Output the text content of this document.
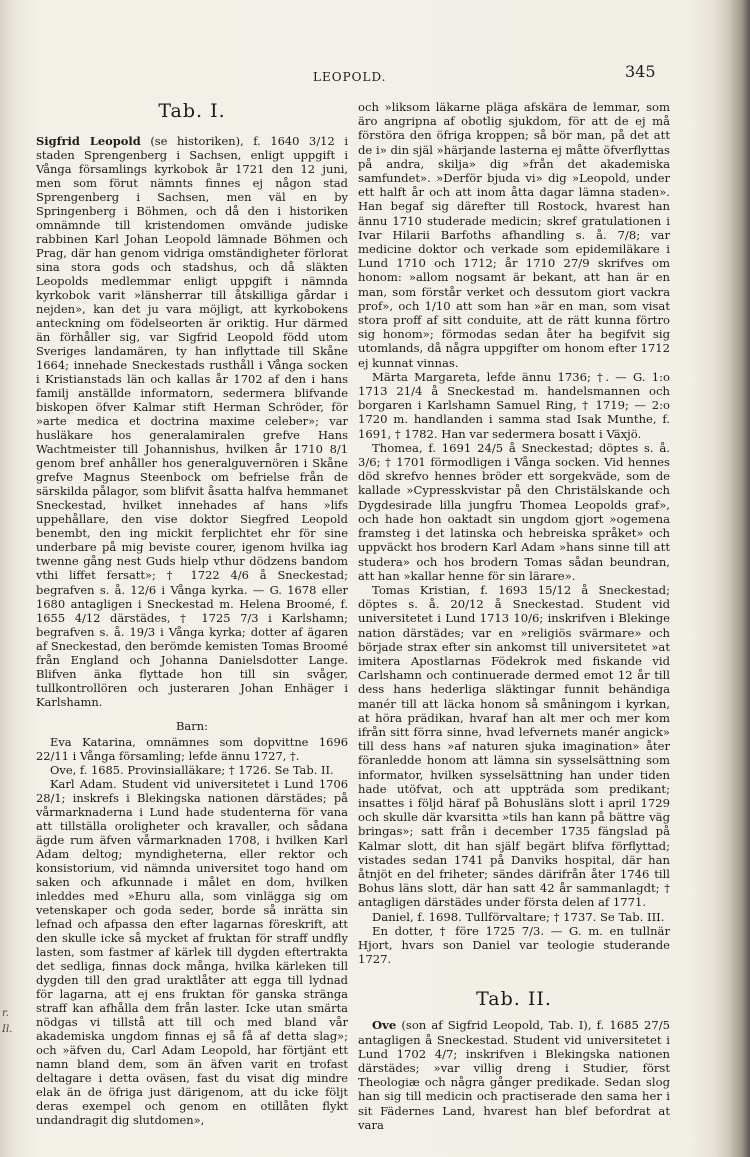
LEOPOLD.	345
r.
Il.
Tab. I.

Sigfrid Leopold (se historiken), f. 1640 3/12 i staden Sprengenberg i Sachsen, enligt uppgift i Vånga församlings kyrkobok år 1721 den 12 juni, men som förut nämnts finnes ej någon stad Sprengenberg i Sachsen, men väl en by Springenberg i Böhmen, och då den i historiken omnämnde till kristendomen omvände judiske rabbinen Karl Johan Leopold lämnade Böhmen och Prag, där han genom vidriga omständigheter förlorat sina stora gods och stadshus, och då släkten Leopolds medlemmar enligt uppgift i nämnda kyrkobok varit »länsherrar till åtskilliga gårdar i nejden», kan det ju vara möjligt, att kyrkobokens anteckning om födelseorten är oriktig. Hur därmed än förhåller sig, var Sigfrid Leopold född utom Sveriges landamären, ty han inflyttade till Skåne 1664; innehade Sneckestads rusthåll i Vånga socken i Kristianstads län och kallas år 1702 af den i hans familj anställde informatorn, sedermera blifvande biskopen öfver Kalmar stift Herman Schröder, för »arte medica et doctrina maxime celeber»; var husläkare hos generalamiralen grefve Hans Wachtmeister till Johannishus, hvilken år 1710 8/1 genom bref anhåller hos generalguvernören i Skåne grefve Magnus Steenbock om befrielse från de särskilda pålagor, som blifvit åsatta halfva hemmanet Sneckestad, hvilket innehades af hans »lifs uppehållare, den vise doktor Siegfred Leopold benembt, den ing mickit ferplichtet ehr för sine underbare på mig beviste courer, igenom hvilka iag twenne gång nest Guds hielp vthur dödzens bandom vthi liffet fersatt»; † 1722 4/6 å Sneckestad; begrafven s. å. 12/6 i Vånga kyrka. — G. 1678 eller 1680 antagligen i Sneckestad m. Helena Broomé, f. 1655 4/12 därstädes, † 1725 7/3 i Karlshamn; begrafven s. å. 19/3 i Vånga kyrka; dotter af ägaren af Sneckestad, den berömde kemisten Tomas Broomé från England och Johanna Danielsdotter Lange. Blifven änka flyttade hon till sin svåger, tullkontrollören och justeraren Johan Enhäger i Karlshamn.

Barn:

Eva Katarina, omnämnes som dopvittne 1696 22/11 i Vånga församling; lefde ännu 1727, †.

Ove, f. 1685. Provinsialläkare; † 1726. Se Tab. II.

Karl Adam. Student vid universitetet i Lund 1706 28/1; inskrefs i Blekingska nationen därstädes; på vårmarknaderna i Lund hade studenterna för vana att tillställa oroligheter och kravaller, och sådana ägde rum äfven vårmarknaden 1708, i hvilken Karl Adam deltog; myndigheterna, eller rektor och konsistorium, vid nämnda universitet togo hand om saken och afkunnade i målet en dom, hvilken inleddes med »Ehuru alla, som vinlägga sig om vetenskaper och goda seder, borde så inrätta sin lefnad och afpassa den efter lagarnas föreskrift, att den skulle icke så mycket af fruktan för straff undfly lasten, som fastmer af kärlek till dygden eftertrakta det sedliga, finnas dock många, hvilka kärleken till dygden till den grad uraktlåter att egga till lydnad för lagarna, att ej ens fruktan för ganska stränga straff kan afhålla dem från laster. Icke utan smärta nödgas vi tillstå att till och med bland vår akademiska ungdom finnas ej så få af detta slag»; och »äfven du, Carl Adam Leopold, har förtjänt ett namn bland dem, som än äfven varit en trofast deltagare i detta oväsen, fast du visat dig mindre elak än de öfriga just därigenom, att du icke följt deras exempel och genom en otillåten flykt undandragit dig slutdomen»,

och »liksom läkarne pläga afskära de lemmar, som äro angripna af obotlig sjukdom, för att de ej må förstöra den öfriga kroppen; så bör man, på det att de i» din själ »härjande lasterna ej måtte öfverflyttas på andra, skilja» dig »från det akademiska samfundet». »Derför bjuda vi» dig »Leopold, under ett halft år och att inom åtta dagar lämna staden». Han begaf sig därefter till Rostock, hvarest han ännu 1710 studerade medicin; skref gratulationen i Ivar Hilarii Barfoths afhandling s. å. 7/8; var medicine doktor och verkade som epidemiläkare i Lund 1710 och 1712; år 1710 27/9 skrifves om honom: »allom nogsamt är bekant, att han är en man, som förstår verket och dessutom giort vackra prof», och 1/10 att som han »är en man, som visat stora proff af sitt conduite, att de rätt kunna förtro sig honom»; förmodas sedan åter ha begifvit sig utomlands, då några uppgifter om honom efter 1712 ej kunnat vinnas.

Märta Margareta, lefde ännu 1736; †. — G. 1:o 1713 21/4 å Sneckestad m. handelsmannen och borgaren i Karlshamn Samuel Ring, † 1719; — 2:o 1720 m. handlanden i samma stad Isak Munthe, f. 1691, † 1782. Han var sedermera bosatt i Växjö.

Thomea, f. 1691 24/5 å Sneckestad; döptes s. å. 3/6; † 1701 förmodligen i Vånga socken. Vid hennes död skrefvo hennes bröder ett sorgekväde, som de kallade »Cypresskvistar på den Christälskande och Dygdesirade lilla jungfru Thomea Leopolds graf», och hade hon oaktadt sin ungdom gjort »ogemena framsteg i det latinska och hebreiska språket» och uppväckt hos brodern Karl Adam »hans sinne till att studera» och hos brodern Tomas sådan beundran, att han »kallar henne för sin lärare».

Tomas Kristian, f. 1693 15/12 å Sneckestad; döptes s. å. 20/12 å Sneckestad. Student vid universitetet i Lund 1713 10/6; inskrifven i Blekinge nation därstädes; var en »religiös svärmare» och började strax efter sin ankomst till universitetet »at imitera Apostlarnas Födekrok med fiskande vid Carlshamn och continuerade dermed emot 12 år till dess hans hederliga släktingar funnit behändiga manér till att läcka honom så småningom i kyrkan, at höra prädikan, hvaraf han alt mer och mer kom ifrån sitt förra sinne, hvad lefvernets manér angick» till dess hans »af naturen sjuka imagination» åter föranledde honom att lämna sin sysselsättning som informator, hvilken sysselsättning han under tiden hade utöfvat, och att uppträda som predikant; insattes i följd häraf på Bohusläns slott i april 1729 och skulle där kvarsitta »tils han kann på bättre väg bringas»; satt från i december 1735 fängslad på Kalmar slott, dit han själf begärt blifva förflyttad; vistades sedan 1741 på Danviks hospital, där han åtnjöt en del friheter; sändes därifrån åter 1746 till Bohus läns slott, där han satt 42 år sammanlagdt; † antagligen därstädes under första delen af 1771.

Daniel, f. 1698. Tullförvaltare; † 1737. Se Tab. III.

En dotter, † före 1725 7/3. — G. m. en tullnär Hjort, hvars son Daniel var teologie studerande 1727.

Tab. II.

Ove (son af Sigfrid Leopold, Tab. I), f. 1685 27/5 antagligen å Sneckestad. Student vid universitetet i Lund 1702 4/7; inskrifven i Blekingska nationen därstädes; »var villig dreng i Studier, först Theologiæ och några gånger predikade. Sedan slog han sig till medicin och practiserade den sama her i sit Fädernes Land, hvarest han blef befordrat at vara
